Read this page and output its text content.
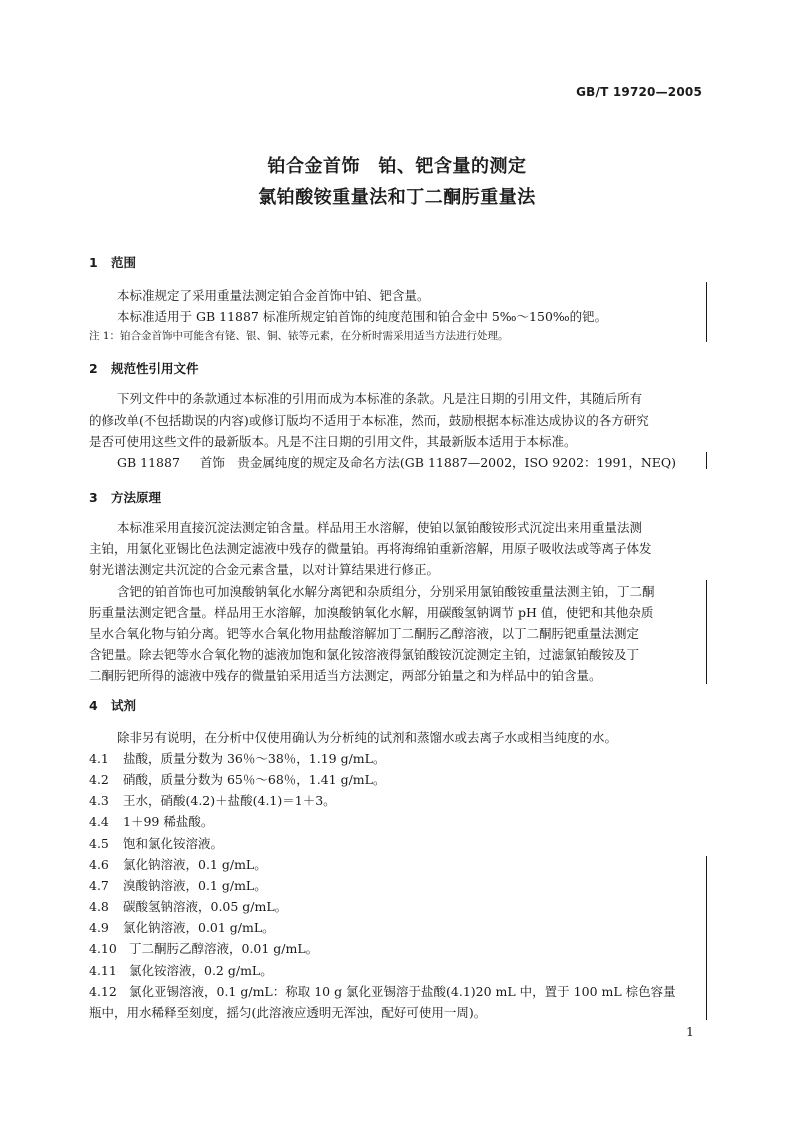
GB/T 19720—2005
铂合金首饰　铂、钯含量的测定
氯铂酸铵重量法和丁二酮肟重量法
1 范围
本标准规定了采用重量法测定铂合金首饰中铂、钯含量。
本标准适用于 GB 11887 标准所规定铂首饰的纯度范围和铂合金中 5‰～150‰的钯。
注 1：铂合金首饰中可能含有铑、银、铜、铱等元素，在分析时需采用适当方法进行处理。
2 规范性引用文件
下列文件中的条款通过本标准的引用而成为本标准的条款。凡是注日期的引用文件，其随后所有
的修改单(不包括勘误的内容)或修订版均不适用于本标准，然而，鼓励根据本标准达成协议的各方研究
是否可使用这些文件的最新版本。凡是不注日期的引用文件，其最新版本适用于本标准。
GB 11887 首饰　贵金属纯度的规定及命名方法(GB 11887—2002，ISO 9202：1991，NEQ)
3 方法原理
本标准采用直接沉淀法测定铂含量。样品用王水溶解，使铂以氯铂酸铵形式沉淀出来用重量法测
主铂，用氯化亚锡比色法测定滤液中残存的微量铂。再将海绵铂重新溶解，用原子吸收法或等离子体发
射光谱法测定共沉淀的合金元素含量，以对计算结果进行修正。
含钯的铂首饰也可加溴酸钠氧化水解分离钯和杂质组分，分别采用氯铂酸铵重量法测主铂，丁二酮
肟重量法测定钯含量。样品用王水溶解，加溴酸钠氧化水解，用碳酸氢钠调节 pH 值，使钯和其他杂质
呈水合氧化物与铂分离。钯等水合氧化物用盐酸溶解加丁二酮肟乙醇溶液，以丁二酮肟钯重量法测定
含钯量。除去钯等水合氧化物的滤液加饱和氯化铵溶液得氯铂酸铵沉淀测定主铂，过滤氯铂酸铵及丁
二酮肟钯所得的滤液中残存的微量铂采用适当方法测定，两部分铂量之和为样品中的铂含量。
4 试剂
除非另有说明，在分析中仅使用确认为分析纯的试剂和蒸馏水或去离子水或相当纯度的水。
4.1 盐酸，质量分数为 36％～38％，1.19 g/mL。
4.2 硝酸，质量分数为 65％～68％，1.41 g/mL。
4.3 王水，硝酸(4.2)＋盐酸(4.1)＝1＋3。
4.4 1＋99 稀盐酸。
4.5 饱和氯化铵溶液。
4.6 氯化钠溶液，0.1 g/mL。
4.7 溴酸钠溶液，0.1 g/mL。
4.8 碳酸氢钠溶液，0.05 g/mL。
4.9 氯化钠溶液，0.01 g/mL。
4.10 丁二酮肟乙醇溶液，0.01 g/mL。
4.11 氯化铵溶液，0.2 g/mL。
4.12 氯化亚锡溶液，0.1 g/mL：称取 10 g 氯化亚锡溶于盐酸(4.1)20 mL 中，置于 100 mL 棕色容量
瓶中，用水稀释至刻度，摇匀(此溶液应透明无浑浊，配好可使用一周)。
1
